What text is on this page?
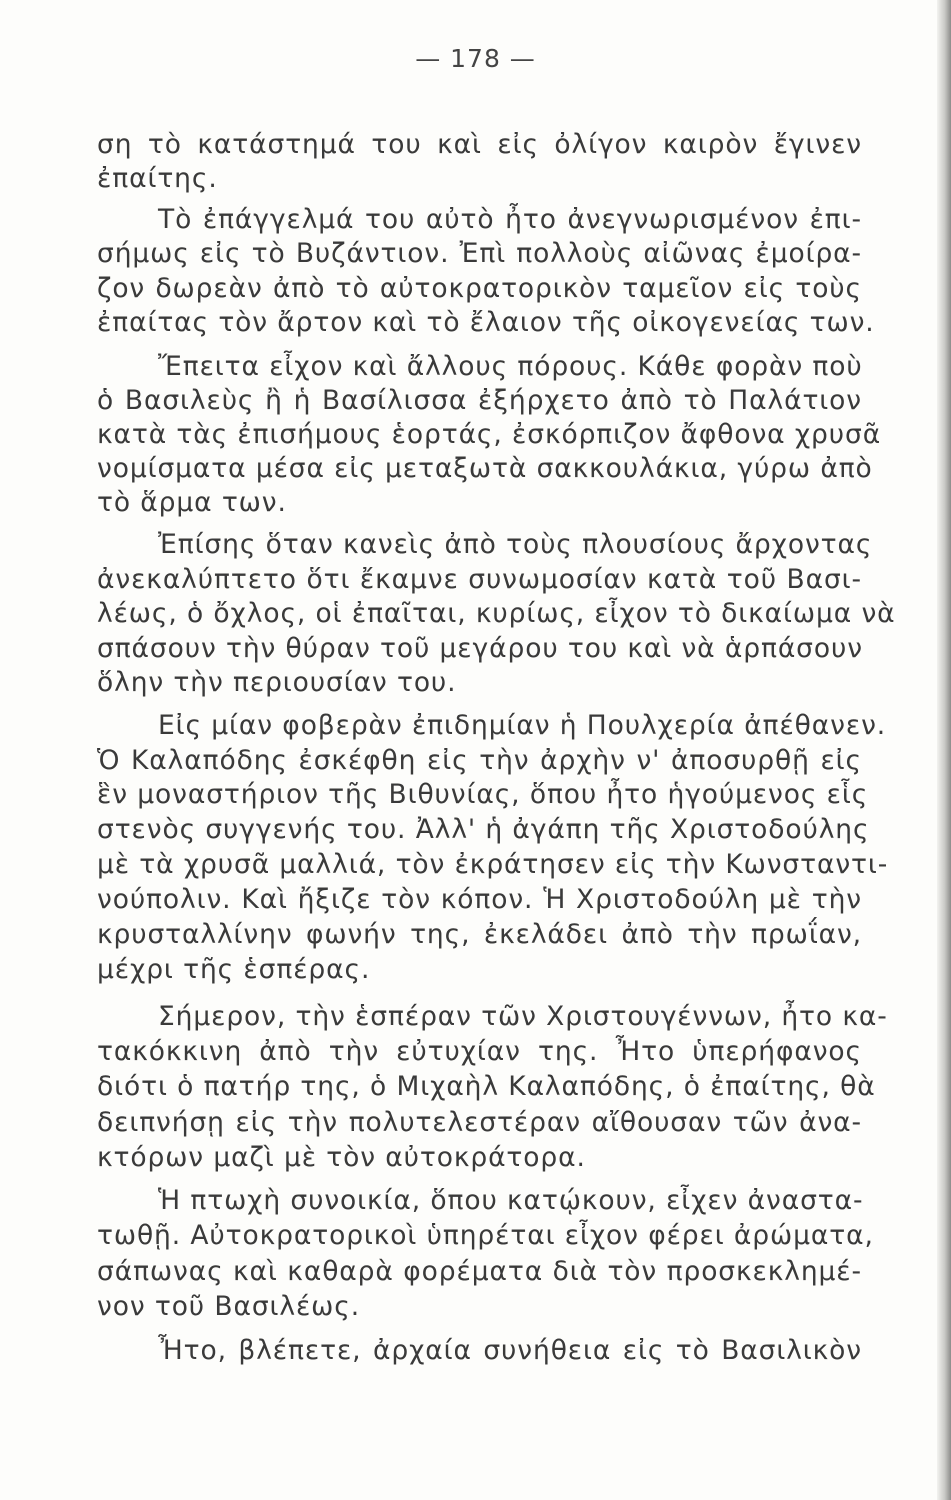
— 178 —
ση τὸ κατάστημά του καὶ εἰς ὀλίγον καιρὸν ἔγινεν
ἐπαίτης.
Τὸ ἐπάγγελμά του αὐτὸ ἦτο ἀνεγνωρισμένον ἐπι-
σήμως εἰς τὸ Βυζάντιον. Ἐπὶ πολλοὺς αἰῶνας ἐμοίρα-
ζον δωρεὰν ἀπὸ τὸ αὐτοκρατορικὸν ταμεῖον εἰς τοὺς
ἐπαίτας τὸν ἄρτον καὶ τὸ ἔλαιον τῆς οἰκογενείας των.
Ἔπειτα εἶχον καὶ ἄλλους πόρους. Κάθε φορὰν ποὺ
ὁ Βασιλεὺς ἢ ἡ Βασίλισσα ἐξήρχετο ἀπὸ τὸ Παλάτιον
κατὰ τὰς ἐπισήμους ἑορτάς, ἐσκόρπιζον ἄφθονα χρυσᾶ
νομίσματα μέσα εἰς μεταξωτὰ σακκουλάκια, γύρω ἀπὸ
τὸ ἅρμα των.
Ἐπίσης ὅταν κανεὶς ἀπὸ τοὺς πλουσίους ἄρχοντας
ἀνεκαλύπτετο ὅτι ἔκαμνε συνωμοσίαν κατὰ τοῦ Βασι-
λέως, ὁ ὄχλος, οἱ ἐπαῖται, κυρίως, εἶχον τὸ δικαίωμα νὰ
σπάσουν τὴν θύραν τοῦ μεγάρου του καὶ νὰ ἁρπάσουν
ὅλην τὴν περιουσίαν του.
Εἰς μίαν φοβερὰν ἐπιδημίαν ἡ Πουλχερία ἀπέθανεν.
Ὁ Καλαπόδης ἐσκέφθη εἰς τὴν ἀρχὴν ν' ἀποσυρθῇ εἰς
ἓν μοναστήριον τῆς Βιθυνίας, ὅπου ἦτο ἡγούμενος εἷς
στενὸς συγγενής του. Ἀλλ' ἡ ἀγάπη τῆς Χριστοδούλης
μὲ τὰ χρυσᾶ μαλλιά, τὸν ἐκράτησεν εἰς τὴν Κωνσταντι-
νούπολιν. Καὶ ἤξιζε τὸν κόπον. Ἡ Χριστοδούλη μὲ τὴν
κρυσταλλίνην φωνήν της, ἐκελάδει ἀπὸ τὴν πρωΐαν,
μέχρι τῆς ἑσπέρας.
Σήμερον, τὴν ἑσπέραν τῶν Χριστουγέννων, ἦτο κα-
τακόκκινη ἀπὸ τὴν εὐτυχίαν της. Ἦτο ὑπερήφανος
διότι ὁ πατήρ της, ὁ Μιχαὴλ Καλαπόδης, ὁ ἐπαίτης, θὰ
δειπνήσῃ εἰς τὴν πολυτελεστέραν αἴθουσαν τῶν ἀνα-
κτόρων μαζὶ μὲ τὸν αὐτοκράτορα.
Ἡ πτωχὴ συνοικία, ὅπου κατῴκουν, εἶχεν ἀναστα-
τωθῇ. Αὐτοκρατορικοὶ ὑπηρέται εἶχον φέρει ἀρώματα,
σάπωνας καὶ καθαρὰ φορέματα διὰ τὸν προσκεκλημέ-
νον τοῦ Βασιλέως.
Ἦτο, βλέπετε, ἀρχαία συνήθεια εἰς τὸ Βασιλικὸν
